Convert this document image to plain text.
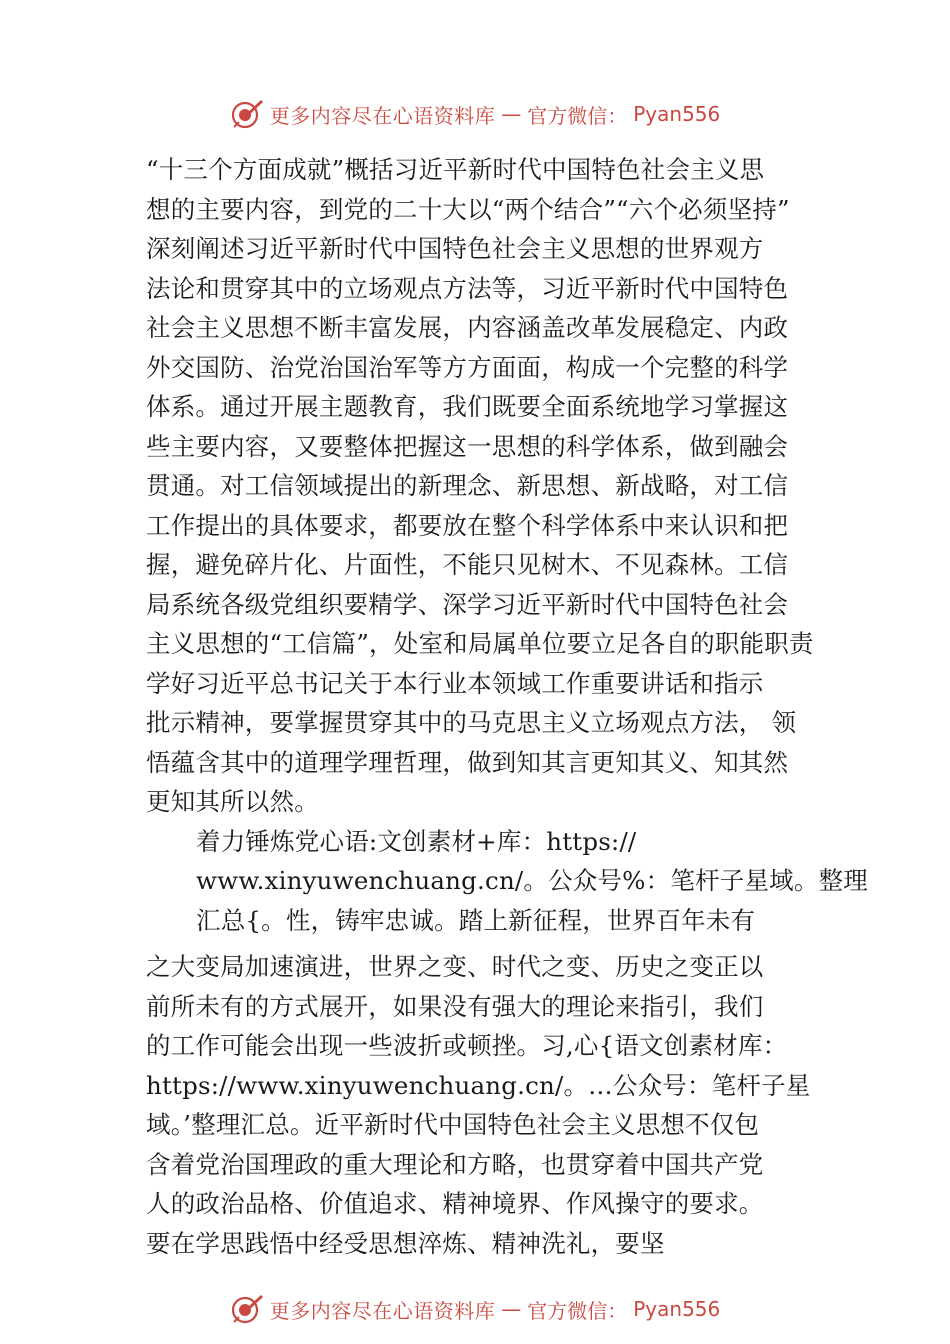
更多内容尽在心语资料库 — 官方微信： Pyan556
“十三个方面成就”概括习近平新时代中国特色社会主义思
想的主要内容，到党的二十大以“两个结合”“六个必须坚持”
深刻阐述习近平新时代中国特色社会主义思想的世界观方
法论和贯穿其中的立场观点方法等，习近平新时代中国特色
社会主义思想不断丰富发展，内容涵盖改革发展稳定、内政
外交国防、治党治国治军等方方面面，构成一个完整的科学
体系。通过开展主题教育，我们既要全面系统地学习掌握这
些主要内容，又要整体把握这一思想的科学体系，做到融会
贯通。对工信领域提出的新理念、新思想、新战略，对工信
工作提出的具体要求，都要放在整个科学体系中来认识和把
握，避免碎片化、片面性，不能只见树木、不见森林。工信
局系统各级党组织要精学、深学习近平新时代中国特色社会
主义思想的“工信篇”，处室和局属单位要立足各自的职能职责
学好习近平总书记关于本行业本领域工作重要讲话和指示
批示精神，要掌握贯穿其中的马克思主义立场观点方法， 领
悟蕴含其中的道理学理哲理，做到知其言更知其义、知其然
更知其所以然。
着力锤炼党心语:文创素材+库：https://
www.xinyuwenchuang.cn/。公众号%：笔杆子星域。整理
汇总{。性，铸牢忠诚。踏上新征程，世界百年未有
之大变局加速演进，世界之变、时代之变、历史之变正以
前所未有的方式展开，如果没有强大的理论来指引，我们
的工作可能会出现一些波折或顿挫。习,心{语文创素材库：
https://www.xinyuwenchuang.cn/。…公众号：笔杆子星
域。’整理汇总。近平新时代中国特色社会主义思想不仅包
含着党治国理政的重大理论和方略，也贯穿着中国共产党
人的政治品格、价值追求、精神境界、作风操守的要求。
要在学思践悟中经受思想淬炼、精神洗礼，要坚
更多内容尽在心语资料库 — 官方微信： Pyan556
